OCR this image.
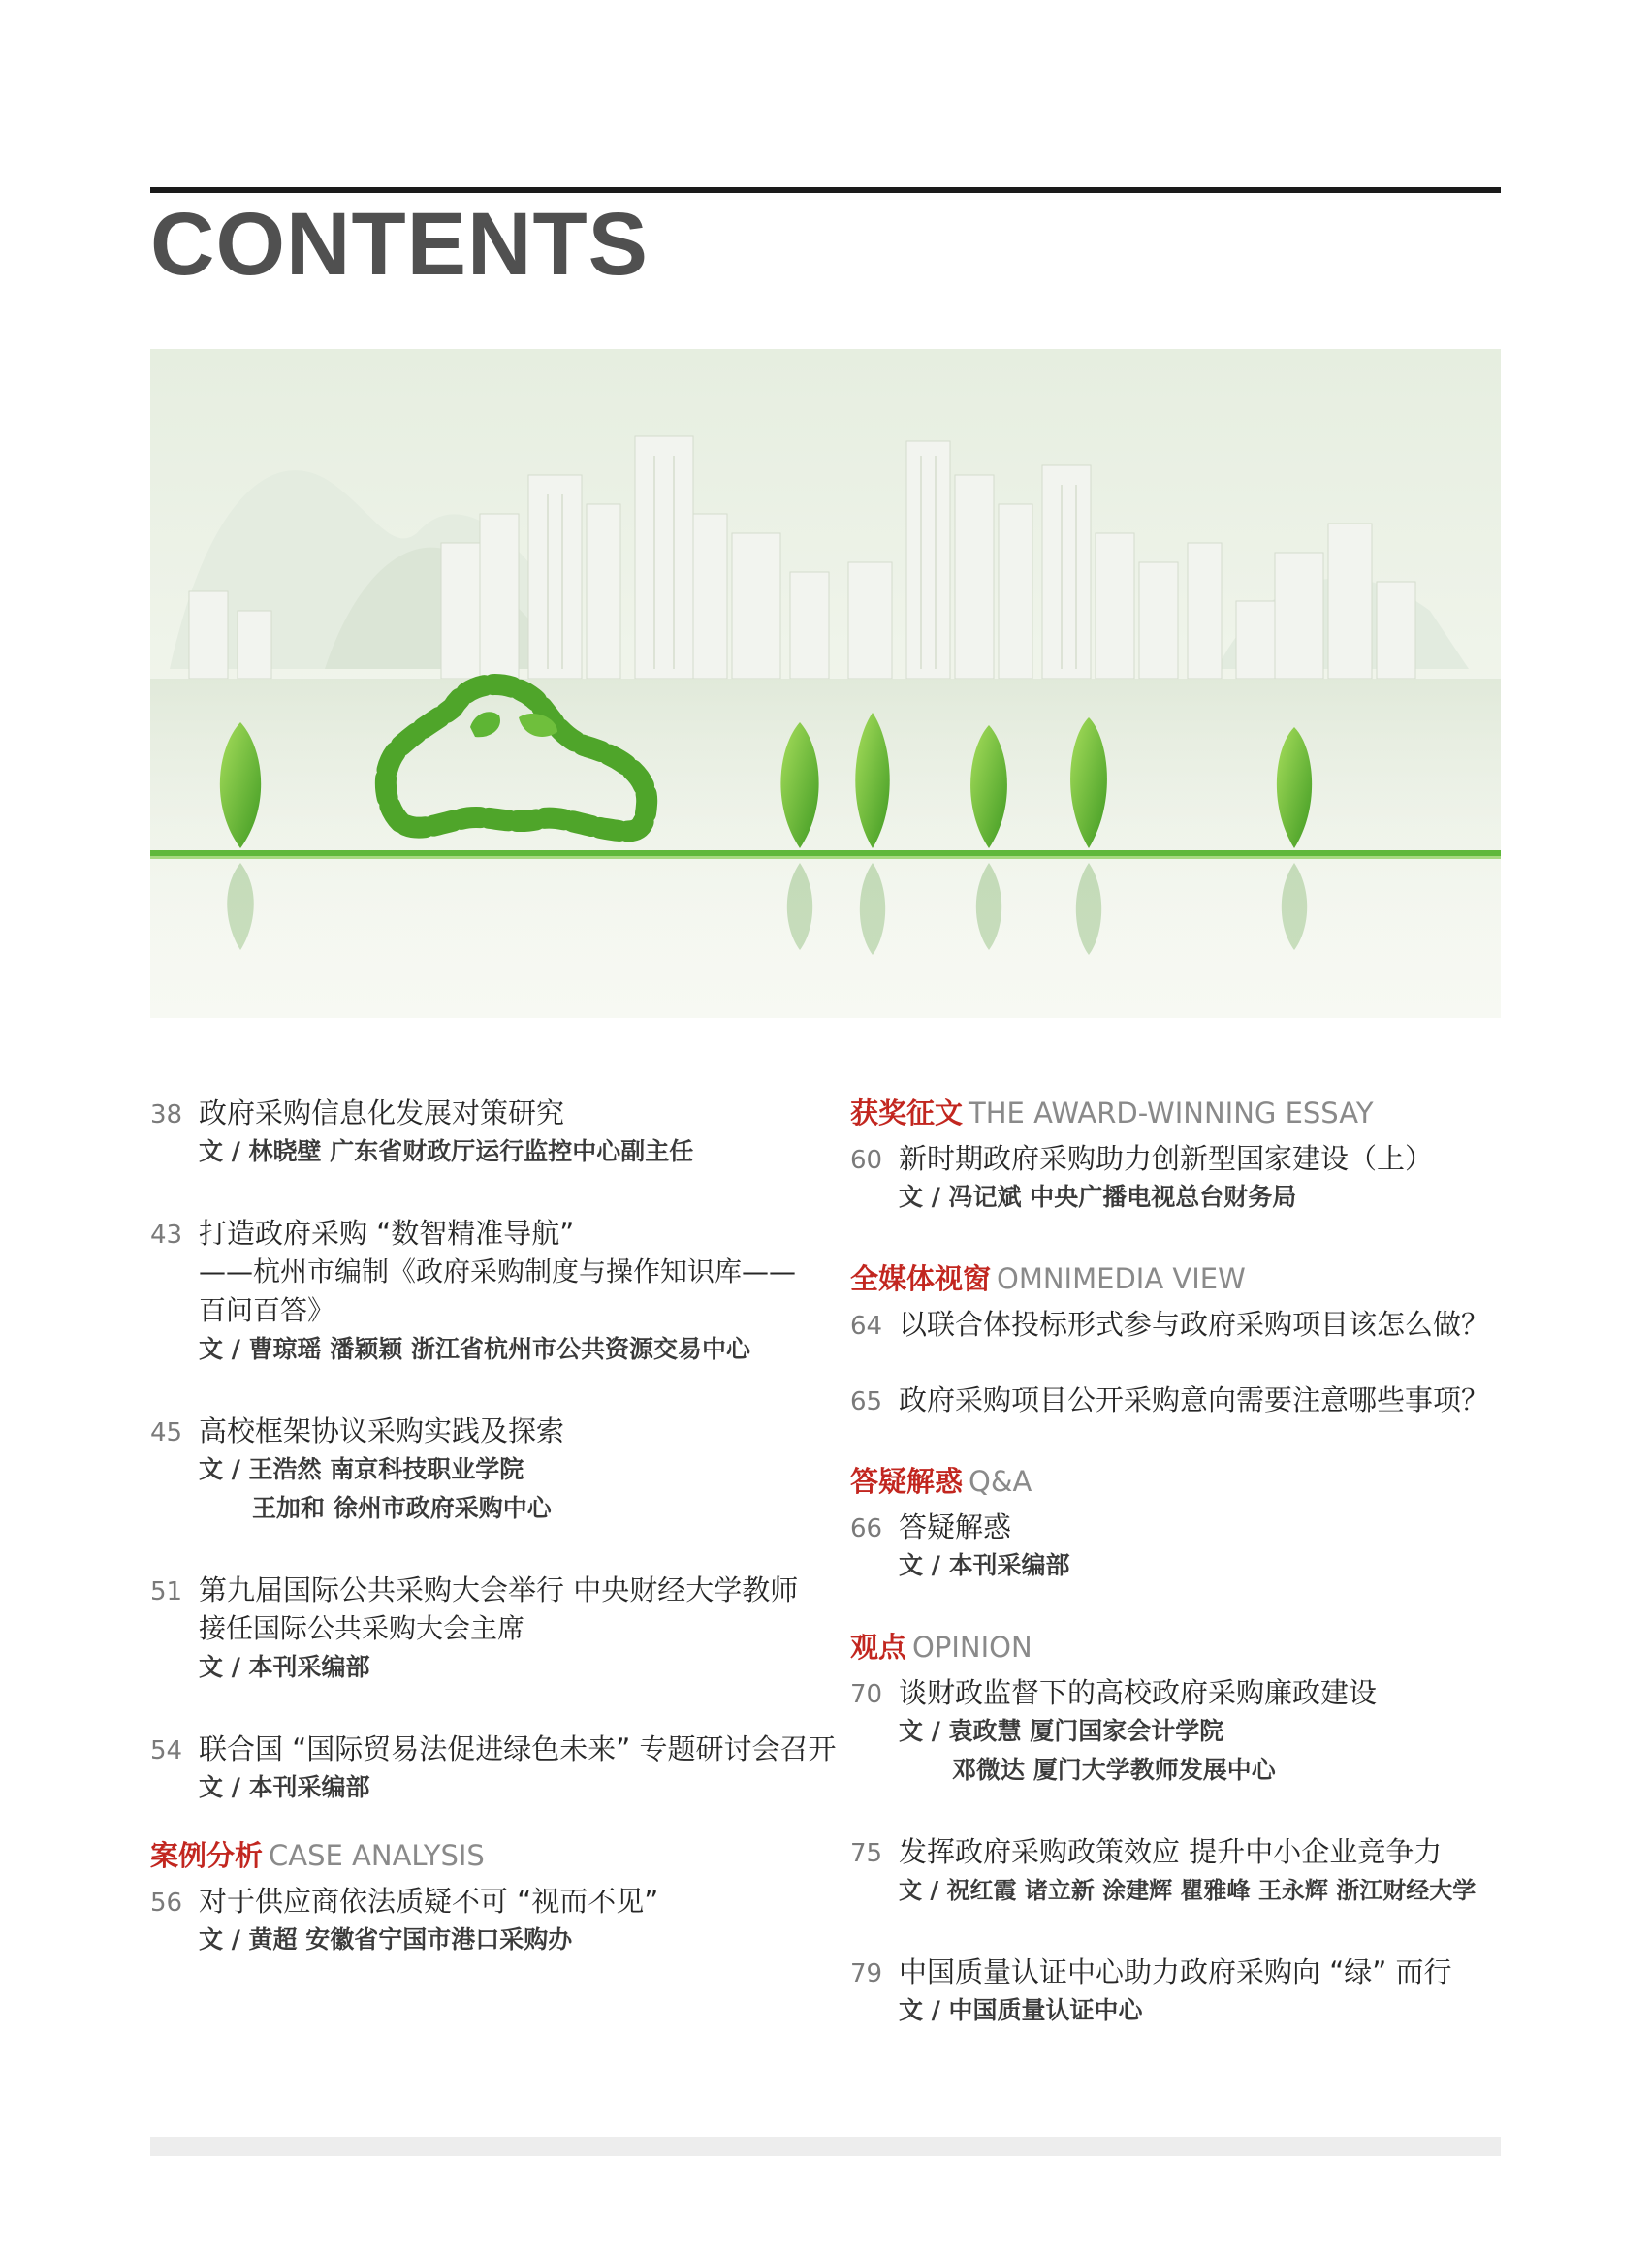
CONTENTS
38 政府采购信息化发展对策研究
文 / 林晓壁 广东省财政厅运行监控中心副主任
43 打造政府采购 “数智精准导航”
——杭州市编制《政府采购制度与操作知识库——
百问百答》
文 / 曹琼瑶 潘颖颖 浙江省杭州市公共资源交易中心
45 高校框架协议采购实践及探索
文 / 王浩然 南京科技职业学院
王加和 徐州市政府采购中心
51 第九届国际公共采购大会举行 中央财经大学教师
接任国际公共采购大会主席
文 / 本刊采编部
54 联合国 “国际贸易法促进绿色未来” 专题研讨会召开
文 / 本刊采编部
案例分析 CASE ANALYSIS
56 对于供应商依法质疑不可 “视而不见”
文 / 黄超 安徽省宁国市港口采购办
获奖征文 THE AWARD-WINNING ESSAY
60 新时期政府采购助力创新型国家建设（上）
文 / 冯记斌 中央广播电视总台财务局
全媒体视窗 OMNIMEDIA VIEW
64 以联合体投标形式参与政府采购项目该怎么做？
65 政府采购项目公开采购意向需要注意哪些事项？
答疑解惑 Q&A
66 答疑解惑
文 / 本刊采编部
观点 OPINION
70 谈财政监督下的高校政府采购廉政建设
文 / 袁政慧 厦门国家会计学院
邓微达 厦门大学教师发展中心
75 发挥政府采购政策效应 提升中小企业竞争力
文 / 祝红霞 诸立新 涂建辉 瞿雅峰 王永辉 浙江财经大学
79 中国质量认证中心助力政府采购向 “绿” 而行
文 / 中国质量认证中心
